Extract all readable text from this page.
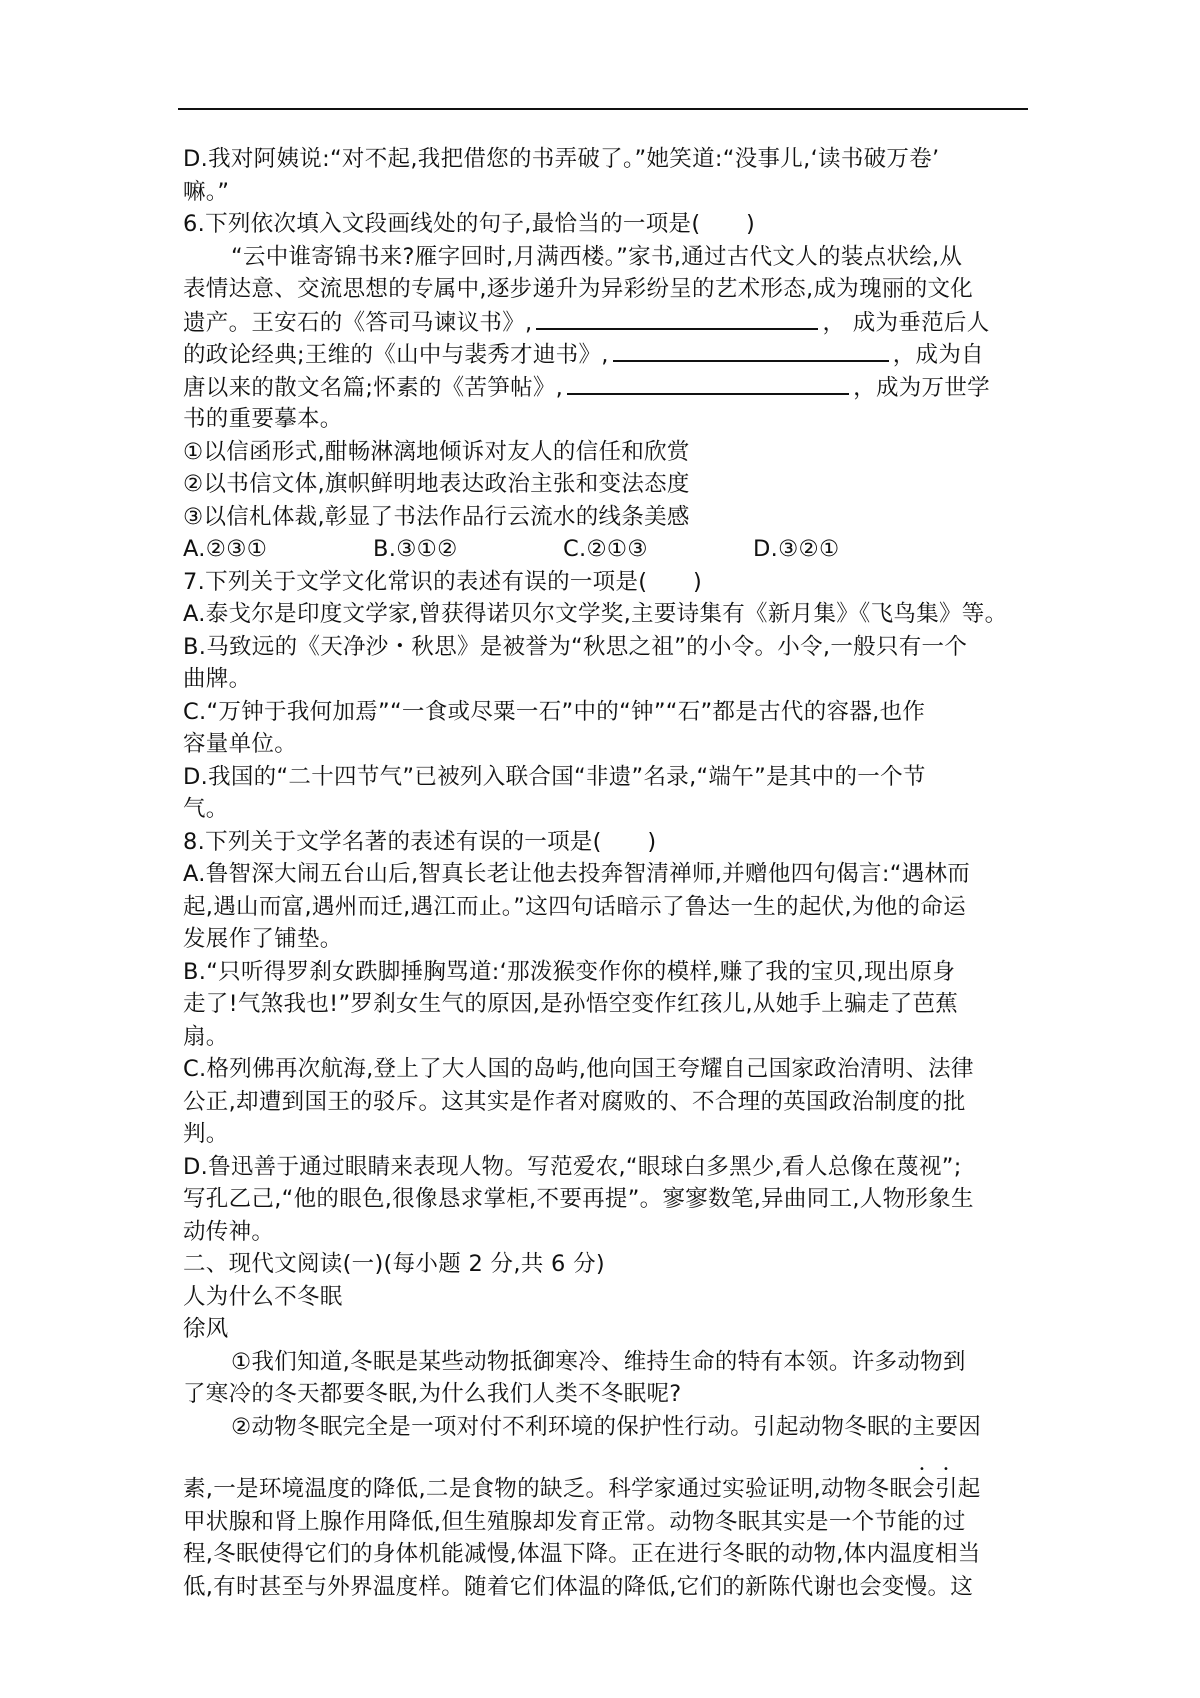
D.我对阿姨说:“对不起,我把借您的书弄破了。”她笑道:“没事儿,‘读书破万卷’
嘛。”
6.下列依次填入文段画线处的句子,最恰当的一项是(　　)
“云中谁寄锦书来?雁字回时,月满西楼。”家书,通过古代文人的装点状绘,从
表情达意、交流思想的专属中,逐步递升为异彩纷呈的艺术形态,成为瑰丽的文化
遗产。王安石的《答司马谏议书》,	， 成为垂范后人
的政论经典;王维的《山中与裴秀才迪书》,	，成为自
唐以来的散文名篇;怀素的《苦笋帖》,	，成为万世学
书的重要摹本。
①以信函形式,酣畅淋漓地倾诉对友人的信任和欣赏
②以书信文体,旗帜鲜明地表达政治主张和变法态度
③以信札体裁,彰显了书法作品行云流水的线条美感
A.②③①	B.③①②	C.②①③	D.③②①
7.下列关于文学文化常识的表述有误的一项是(　　)
A.泰戈尔是印度文学家,曾获得诺贝尔文学奖,主要诗集有《新月集》《飞鸟集》等。
B.马致远的《天净沙・秋思》是被誉为“秋思之祖”的小令。小令,一般只有一个
曲牌。
C.“万钟于我何加焉”“一食或尽粟一石”中的“钟”“石”都是古代的容器,也作
容量单位。
D.我国的“二十四节气”已被列入联合国“非遗”名录,“端午”是其中的一个节
气。
8.下列关于文学名著的表述有误的一项是(　　)
A.鲁智深大闹五台山后,智真长老让他去投奔智清禅师,并赠他四句偈言:“遇林而
起,遇山而富,遇州而迁,遇江而止。”这四句话暗示了鲁达一生的起伏,为他的命运
发展作了铺垫。
B.“只听得罗刹女跌脚捶胸骂道:‘那泼猴变作你的模样,赚了我的宝贝,现出原身
走了!气煞我也!”罗刹女生气的原因,是孙悟空变作红孩儿,从她手上骗走了芭蕉
扇。
C.格列佛再次航海,登上了大人国的岛屿,他向国王夸耀自己国家政治清明、法律
公正,却遭到国王的驳斥。这其实是作者对腐败的、不合理的英国政治制度的批
判。
D.鲁迅善于通过眼睛来表现人物。写范爱农,“眼球白多黑少,看人总像在蔑视”;
写孔乙己,“他的眼色,很像恳求掌柜,不要再提”。寥寥数笔,异曲同工,人物形象生
动传神。
二、现代文阅读(一)(每小题 2 分,共 6 分)
人为什么不冬眠
徐风
①我们知道,冬眠是某些动物抵御寒冷、维持生命的特有本领。许多动物到
了寒冷的冬天都要冬眠,为什么我们人类不冬眠呢?
②动物冬眠完全是一项对付不利环境的保护性行动。引起动物冬眠的主要因
• •
素,一是环境温度的降低,二是食物的缺乏。科学家通过实验证明,动物冬眠会引起
甲状腺和肾上腺作用降低,但生殖腺却发育正常。动物冬眠其实是一个节能的过
程,冬眠使得它们的身体机能减慢,体温下降。正在进行冬眠的动物,体内温度相当
低,有时甚至与外界温度样。随着它们体温的降低,它们的新陈代谢也会变慢。这
